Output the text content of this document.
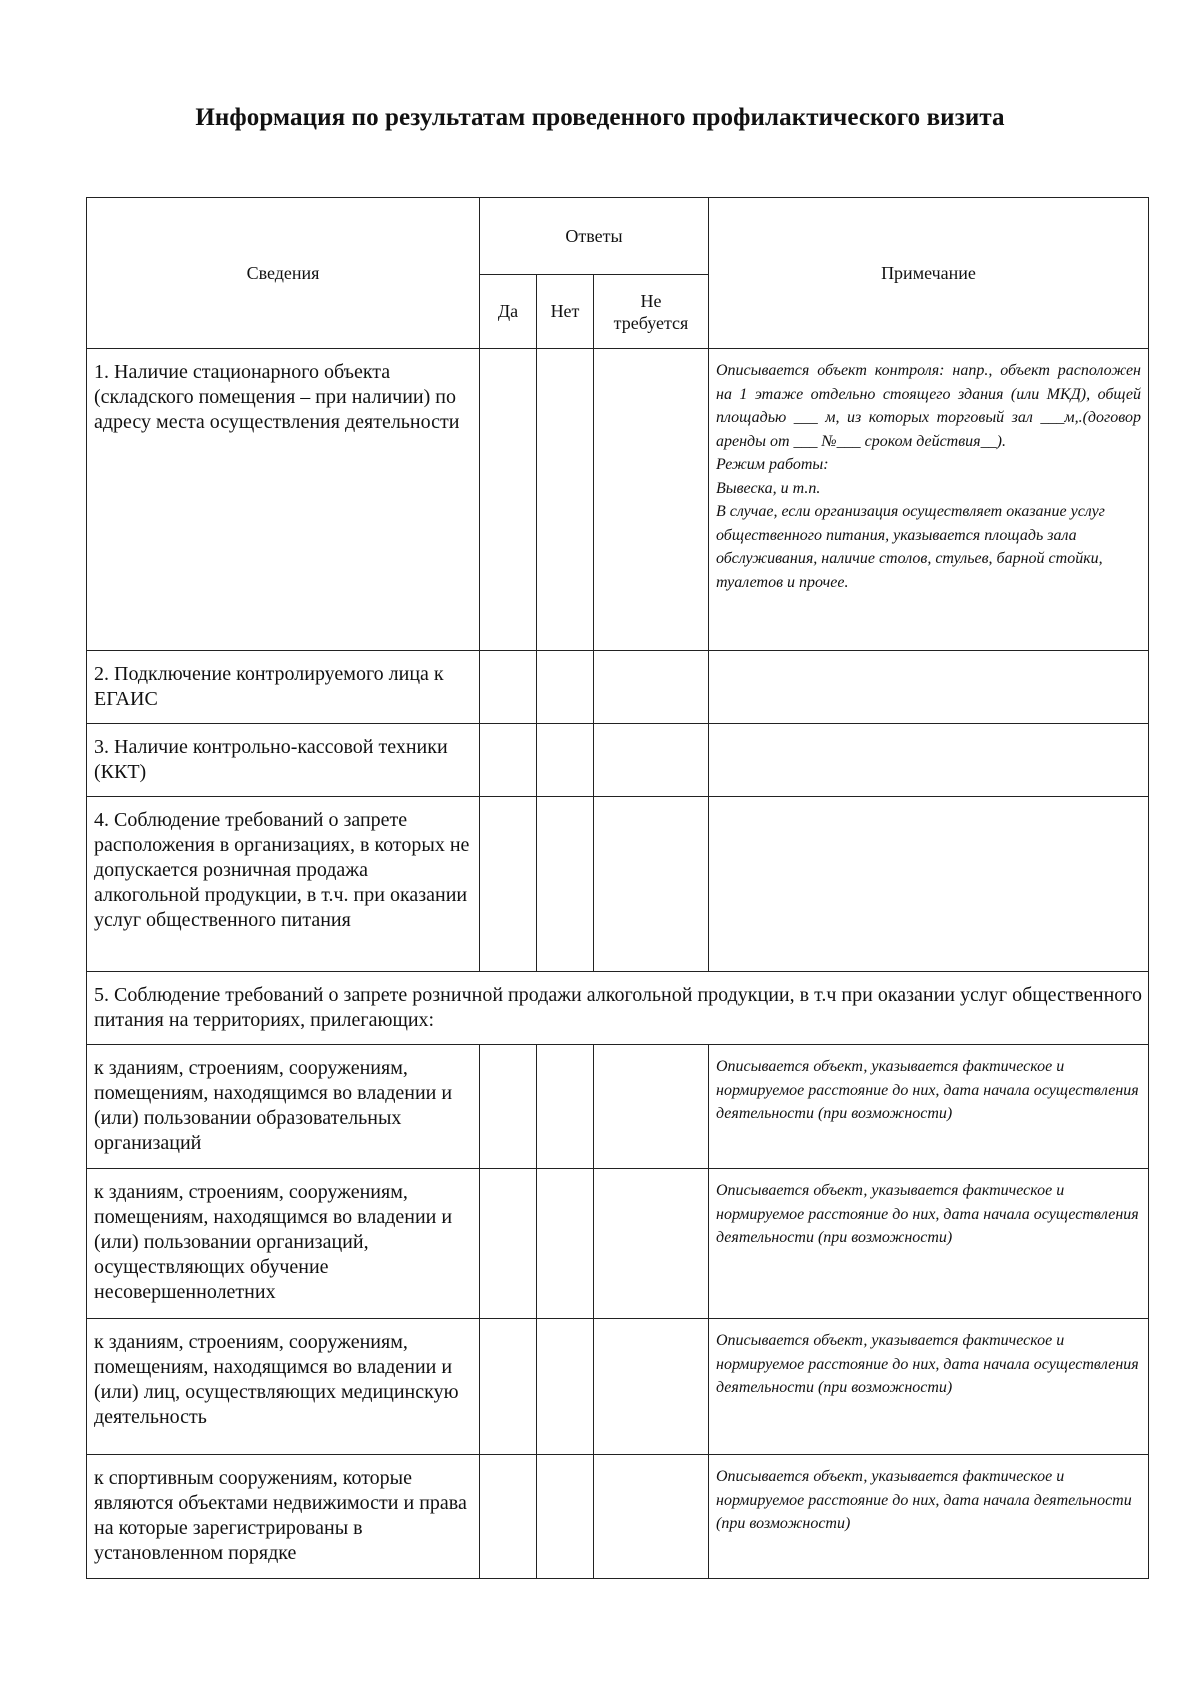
Информация по результатам проведенного профилактического визита
Сведения	Ответы			Примечание
	Да	Нет	Не
требуется	
1. Наличие стационарного объекта (складского помещения – при наличии) по адресу места осуществления деятельности				Описывается объект контроля: напр., объект расположен на 1 этаже отдельно стоящего здания (или МКД), общей площадью ___ м, из которых торговый зал ___м,.(договор аренды от ___ №___ сроком действия__).

Режим работы:

Вывеска, и т.п.

В случае, если организация осуществляет оказание услуг общественного питания, указывается площадь зала обслуживания, наличие столов, стульев, барной стойки, туалетов и прочее.

2. Подключение контролируемого лица к ЕГАИС				
3. Наличие контрольно-кассовой техники (ККТ)				
4. Соблюдение требований о запрете расположения в организациях, в которых не допускается розничная продажа алкогольной продукции, в т.ч. при оказании услуг общественного питания				
5. Соблюдение требований о запрете розничной продажи алкогольной продукции, в т.ч при оказании услуг общественного питания на территориях, прилегающих:				
к зданиям, строениям, сооружениям, помещениям, находящимся во владении и (или) пользовании образовательных организаций				Описывается объект, указывается фактическое и нормируемое расстояние до них, дата начала осуществления деятельности (при возможности)
к зданиям, строениям, сооружениям, помещениям, находящимся во владении и (или) пользовании организаций, осуществляющих обучение несовершеннолетних				Описывается объект, указывается фактическое и нормируемое расстояние до них, дата начала осуществления деятельности (при возможности)
к зданиям, строениям, сооружениям, помещениям, находящимся во владении и (или) лиц, осуществляющих медицинскую деятельность				Описывается объект, указывается фактическое и нормируемое расстояние до них, дата начала осуществления деятельности (при возможности)
к спортивным сооружениям, которые являются объектами недвижимости и права на которые зарегистрированы в установленном порядке				Описывается объект, указывается фактическое и нормируемое расстояние до них, дата начала деятельности (при возможности)
